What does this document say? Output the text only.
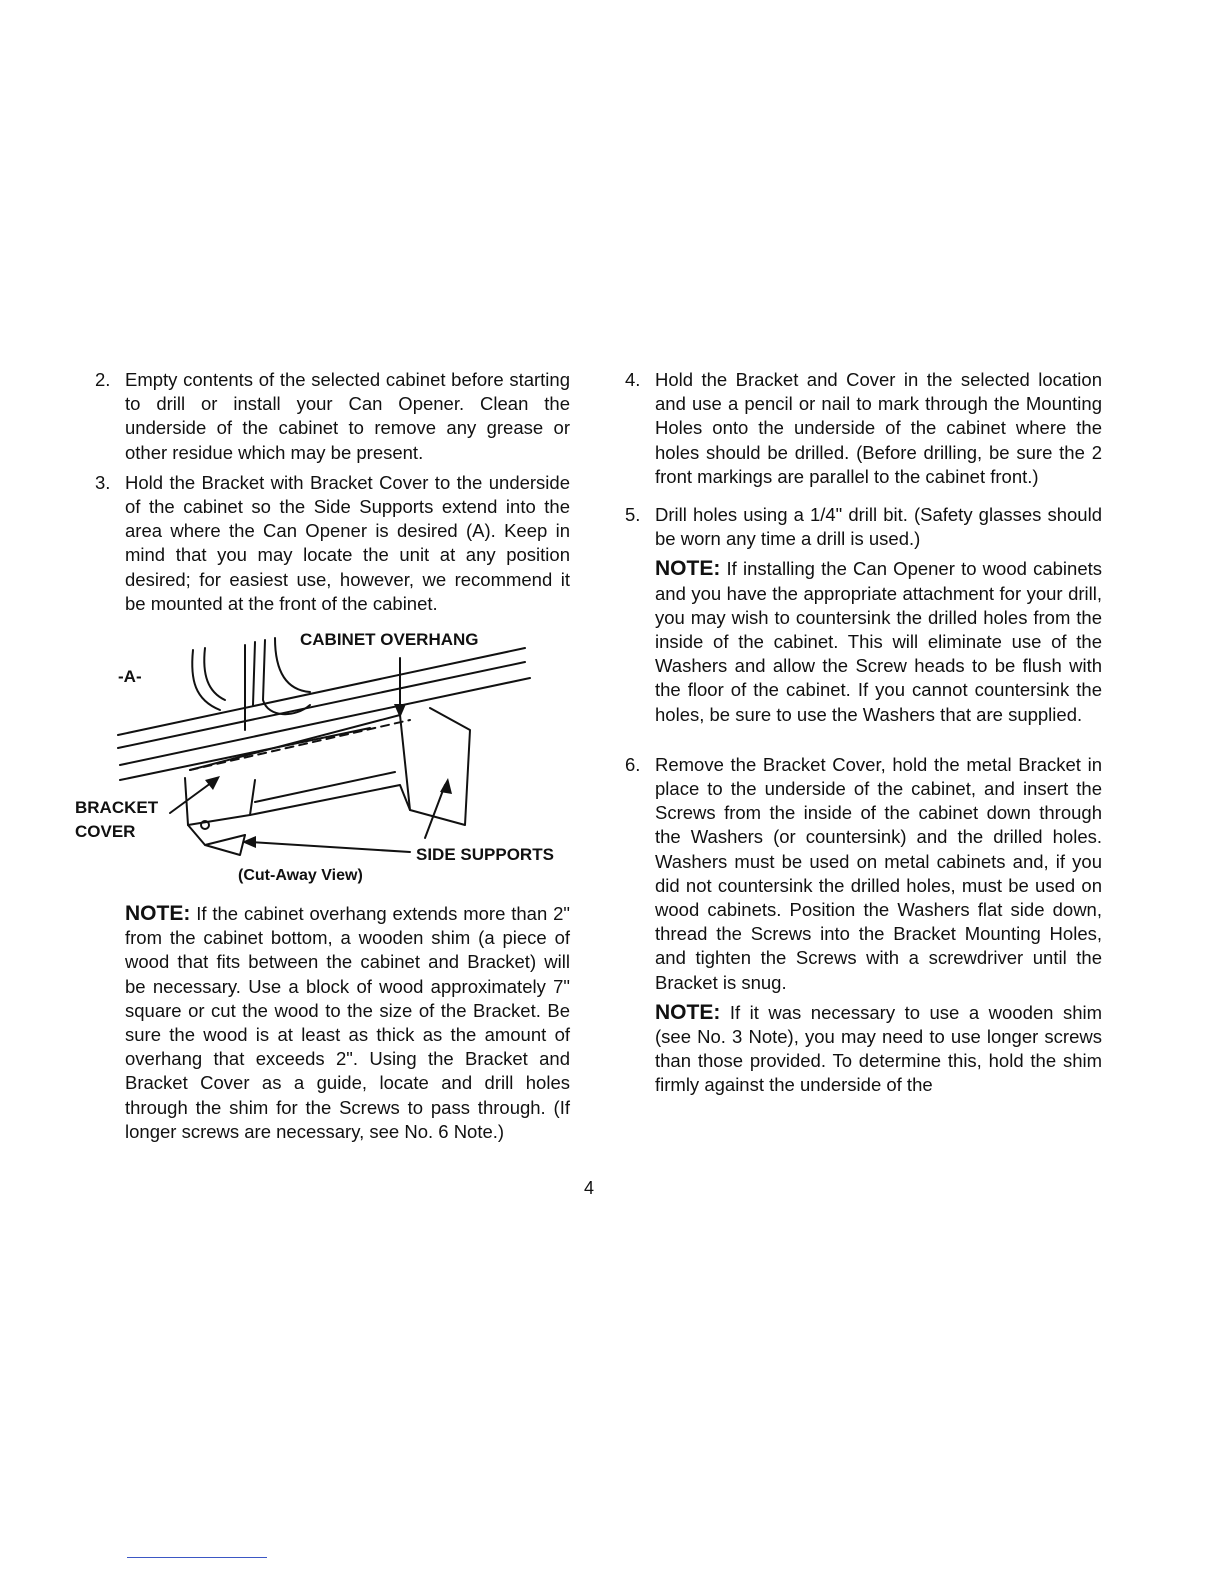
2. Empty contents of the selected cabinet before starting to drill or install your Can Opener. Clean the underside of the cabinet to remove any grease or other residue which may be present.
3. Hold the Bracket with Bracket Cover to the underside of the cabinet so the Side Supports extend into the area where the Can Opener is desired (A). Keep in mind that you may locate the unit at any position desired; for easiest use, however, we recommend it be mounted at the front of the cabinet.
-A-
CABINET OVERHANG
BRACKET
COVER
SIDE SUPPORTS
(Cut-Away View)
NOTE: If the cabinet overhang extends more than 2" from the cabinet bottom, a wooden shim (a piece of wood that fits between the cabinet and Bracket) will be necessary. Use a block of wood approximately 7" square or cut the wood to the size of the Bracket. Be sure the wood is at least as thick as the amount of overhang that exceeds 2". Using the Bracket and Bracket Cover as a guide, locate and drill holes through the shim for the Screws to pass through. (If longer screws are necessary, see No. 6 Note.)
4. Hold the Bracket and Cover in the selected location and use a pencil or nail to mark through the Mounting Holes onto the underside of the cabinet where the holes should be drilled. (Before drilling, be sure the 2 front markings are parallel to the cabinet front.)
5. Drill holes using a 1/4" drill bit. (Safety glasses should be worn any time a drill is used.)
NOTE: If installing the Can Opener to wood cabinets and you have the appropriate attachment for your drill, you may wish to countersink the drilled holes from the inside of the cabinet. This will eliminate use of the Washers and allow the Screw heads to be flush with the floor of the cabinet. If you cannot countersink the holes, be sure to use the Washers that are supplied.
6. Remove the Bracket Cover, hold the metal Bracket in place to the underside of the cabinet, and insert the Screws from the inside of the cabinet down through the Washers (or countersink) and the drilled holes. Washers must be used on metal cabinets and, if you did not countersink the drilled holes, must be used on wood cabinets. Position the Washers flat side down, thread the Screws into the Bracket Mounting Holes, and tighten the Screws with a screwdriver until the Bracket is snug.
NOTE: If it was necessary to use a wooden shim (see No. 3 Note), you may need to use longer screws than those provided. To determine this, hold the shim firmly against the underside of the
4
